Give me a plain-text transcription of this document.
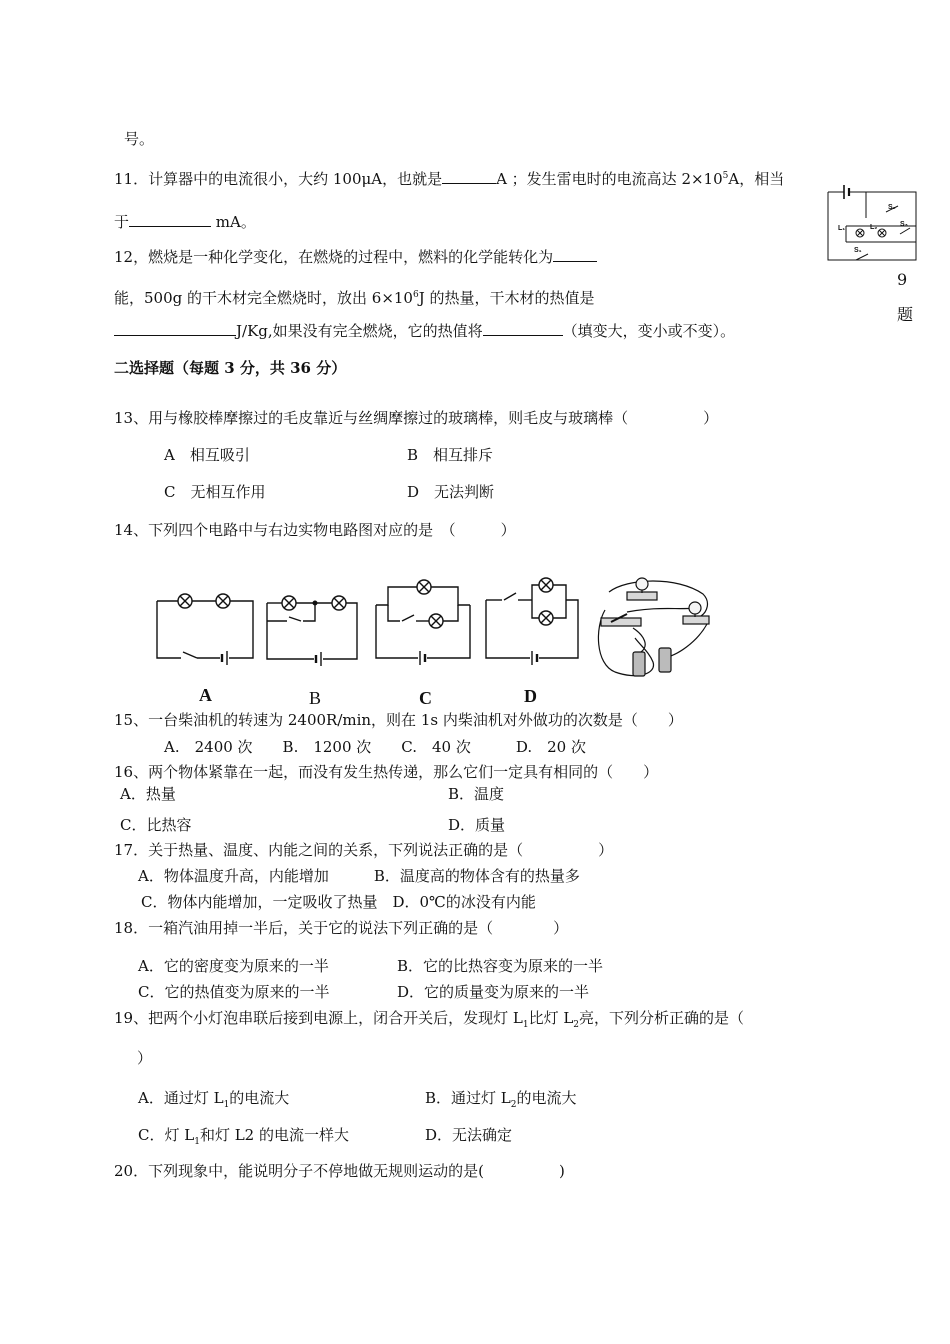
号。
11．计算器中的电流很小，大约 100μA，也就是	A ；发生雷电时的电流高达 $2\times 10^5A$，相当
于	mA。
12，燃烧是一种化学变化，在燃烧的过程中，燃料的化学能转化为
能，500g 的干木材完全燃烧时，放出 $6\times 10^6J$ 的热量，干木材的热值是
J/Kg,如果没有完全燃烧，它的热值将	（填变大，变小或不变）。
S₂
L₁	L₂	S₃
S₁
9
题
二选择题（每题 3 分，共 36 分）
13、用与橡胶棒摩擦过的毛皮靠近与丝绸摩擦过的玻璃棒，则毛皮与玻璃棒（　　　　　）
A　相互吸引	B　相互排斥
C　无相互作用	D　无法判断
14、下列四个电路中与右边实物电路图对应的是　（　　　）
A	B	C	D
15、一台柴油机的转速为 2400R/min，则在 1s 内柴油机对外做功的次数是（　　）
A.　2400 次　　B.　1200 次　　C.　40 次　　　D.　20 次
16、两个物体紧靠在一起，而没有发生热传递，那么它们一定具有相同的（　　）
A．热量	B．温度
C．比热容	D．质量
17．关于热量、温度、内能之间的关系，下列说法正确的是（　　　　　）
A．物体温度升高，内能增加　　　B．温度高的物体含有的热量多
C．物体内能增加，一定吸收了热量　D．0℃的冰没有内能
18．一箱汽油用掉一半后，关于它的说法下列正确的是（　　　　）
A．它的密度变为原来的一半	B．它的比热容变为原来的一半
C．它的热值变为原来的一半	D．它的质量变为原来的一半
19、把两个小灯泡串联后接到电源上，闭合开关后，发现灯 $L_1$比灯 $L_2$亮，下列分析正确的是（
）
A．通过灯 $L_1$的电流大	B．通过灯 $L_2$的电流大
C．灯 $L_1$和灯 L2 的电流一样大	D．无法确定
20．下列现象中，能说明分子不停地做无规则运动的是(　　　　　)
